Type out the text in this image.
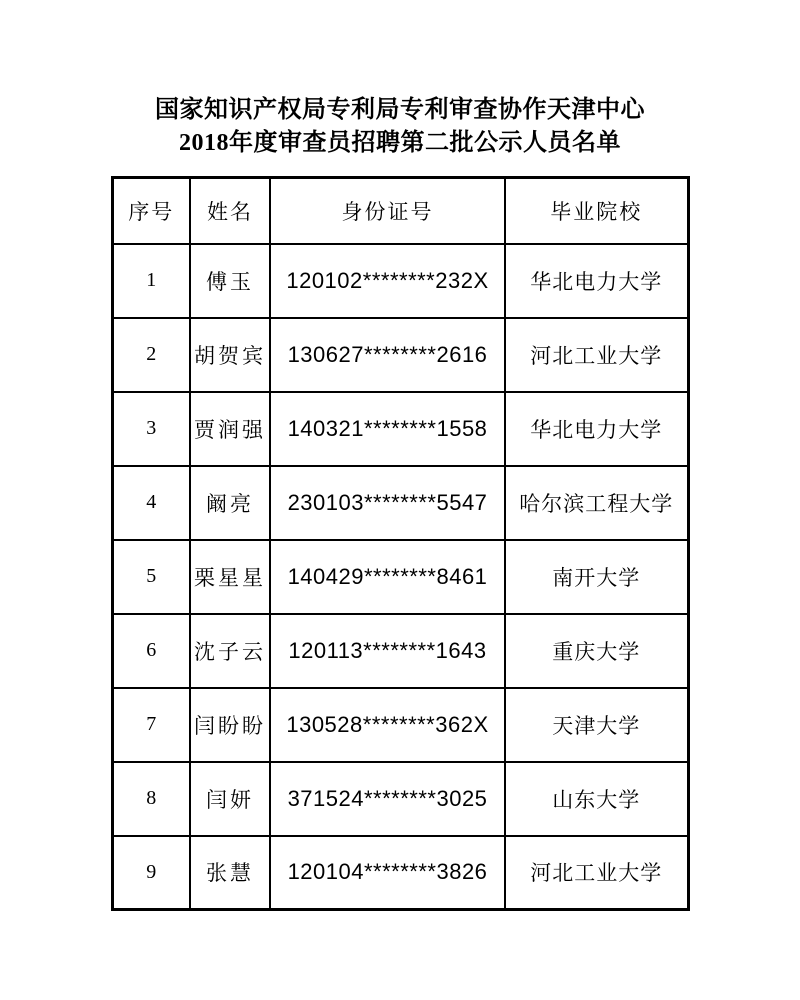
国家知识产权局专利局专利审查协作天津中心
2018年度审查员招聘第二批公示人员名单
序号	姓名	身份证号	毕业院校
1	傅玉	120102********232X	华北电力大学
2	胡贺宾	130627********2616	河北工业大学
3	贾润强	140321********1558	华北电力大学
4	阚亮	230103********5547	哈尔滨工程大学
5	栗星星	140429********8461	南开大学
6	沈子云	120113********1643	重庆大学
7	闫盼盼	130528********362X	天津大学
8	闫妍	371524********3025	山东大学
9	张慧	120104********3826	河北工业大学
